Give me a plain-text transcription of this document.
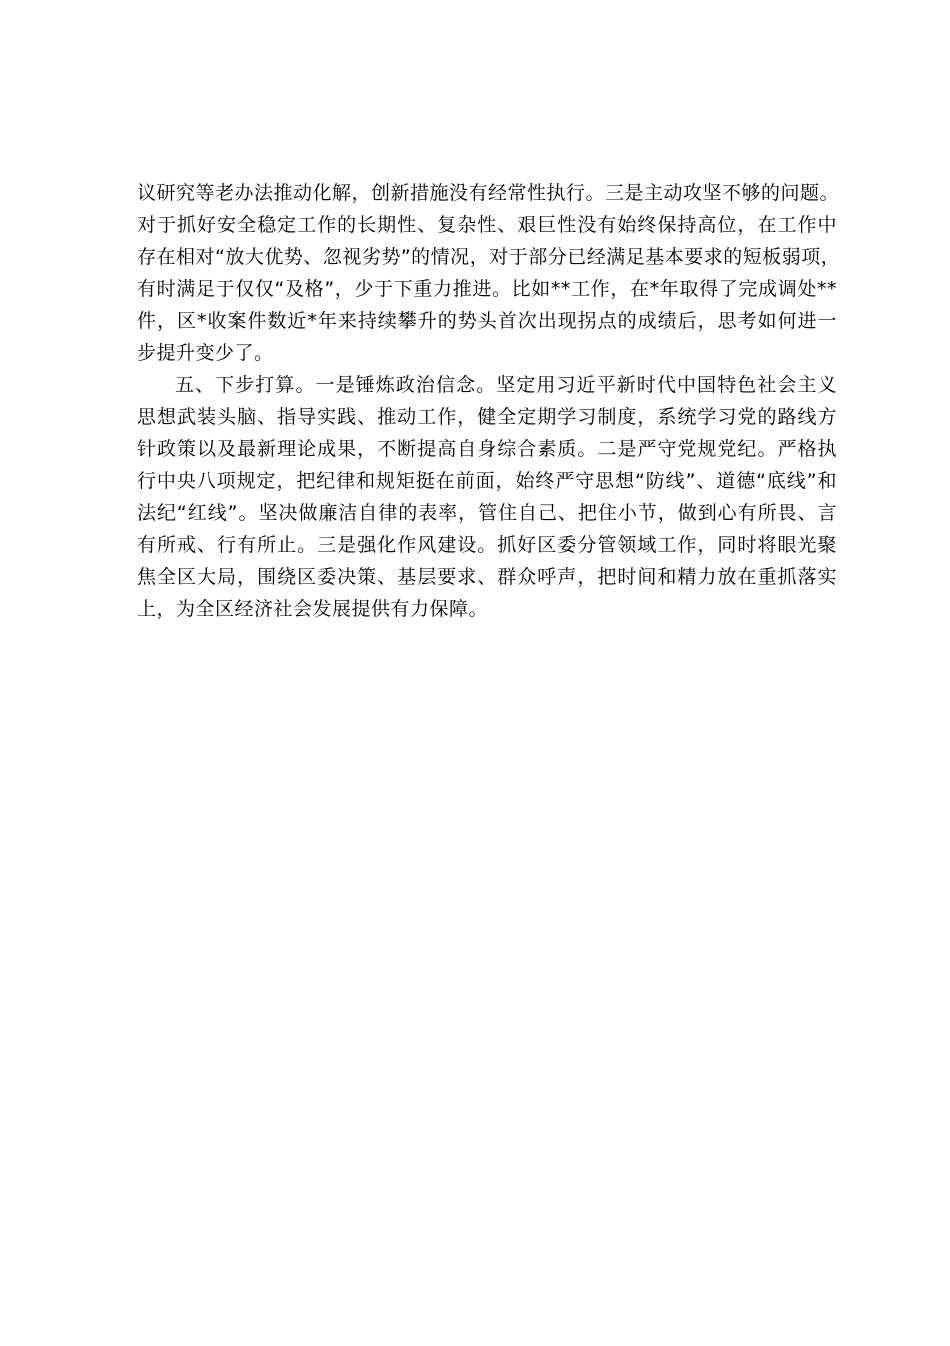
议研究等老办法推动化解，创新措施没有经常性执行。三是主动攻坚不够的问题。
对于抓好安全稳定工作的长期性、复杂性、艰巨性没有始终保持高位，在工作中
存在相对“放大优势、忽视劣势”的情况，对于部分已经满足基本要求的短板弱项，
有时满足于仅仅“及格”，少于下重力推进。比如**工作，在*年取得了完成调处**
件，区*收案件数近*年来持续攀升的势头首次出现拐点的成绩后，思考如何进一
步提升变少了。
五、下步打算。一是锤炼政治信念。坚定用习近平新时代中国特色社会主义
思想武装头脑、指导实践、推动工作，健全定期学习制度，系统学习党的路线方
针政策以及最新理论成果，不断提高自身综合素质。二是严守党规党纪。严格执
行中央八项规定，把纪律和规矩挺在前面，始终严守思想“防线”、道德“底线”和
法纪“红线”。坚决做廉洁自律的表率，管住自己、把住小节，做到心有所畏、言
有所戒、行有所止。三是强化作风建设。抓好区委分管领域工作，同时将眼光聚
焦全区大局，围绕区委决策、基层要求、群众呼声，把时间和精力放在重抓落实
上，为全区经济社会发展提供有力保障。
